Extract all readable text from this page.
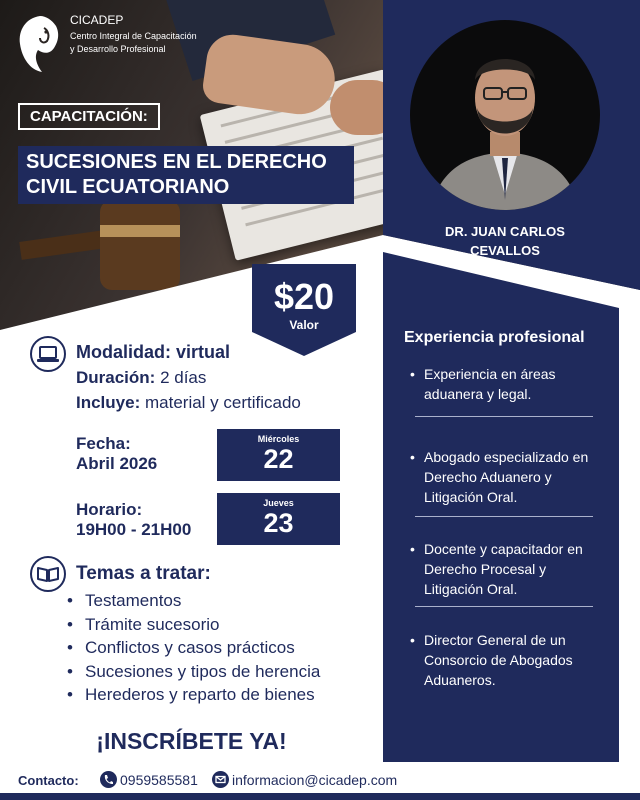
CICADEP
Centro Integral de Capacitación y Desarrollo Profesional
CAPACITACIÓN:
SUCESIONES EN EL DERECHO
CIVIL ECUATORIANO
DR. JUAN CARLOS
CEVALLOS
$20
Valor
Modalidad: virtual
Duración: 2 días
Incluye: material y certificado
Fecha:
Abril 2026
Miércoles
22
Horario:
19H00 - 21H00
Jueves
23
Temas a tratar:
• Testamentos
• Trámite sucesorio
• Conflictos y casos prácticos
• Sucesiones y tipos de herencia
• Herederos y reparto de bienes
¡INSCRÍBETE YA!
Experiencia profesional
• Experiencia en áreas aduanera y legal.
• Abogado especializado en Derecho Aduanero y Litigación Oral.
• Docente y capacitador en Derecho Procesal y Litigación Oral.
• Director General de un Consorcio de Abogados Aduaneros.
Contacto:	0959585581 informacion@cicadep.com
